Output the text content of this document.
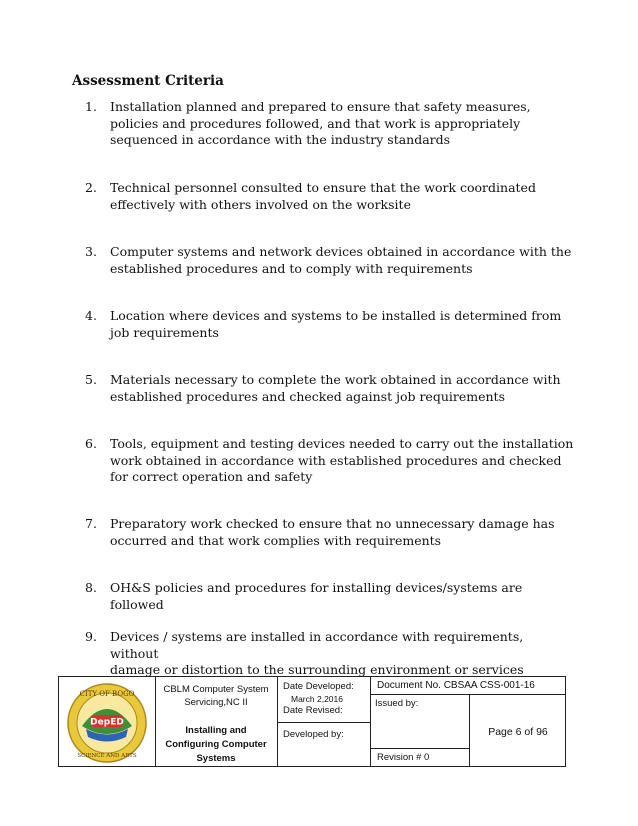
Assessment Criteria
1. Installation planned and prepared to ensure that safety measures,
policies and procedures followed, and that work is appropriately
sequenced in accordance with the industry standards
2. Technical personnel consulted to ensure that the work coordinated
effectively with others involved on the worksite
3. Computer systems and network devices obtained in accordance with the
established procedures and to comply with requirements
4. Location where devices and systems to be installed is determined from
job requirements
5. Materials necessary to complete the work obtained in accordance with
established procedures and checked against job requirements
6. Tools, equipment and testing devices needed to carry out the installation
work obtained in accordance with established procedures and checked
for correct operation and safety
7. Preparatory work checked to ensure that no unnecessary damage has
occurred and that work complies with requirements
8. OH&S policies and procedures for installing devices/systems are followed
9. Devices / systems are installed in accordance with requirements, without
damage or distortion to the surrounding environment or services
DepED
CITY OF BOGO
SCIENCE AND ARTS
CBLM Computer System
Servicing,NC II
Installing and
Configuring Computer
Systems
Date Developed:
March 2,2016
Date Revised:
Developed by:
Document No. CBSAA CSS-001-16
Issued by:
Page 6 of 96
Revision # 0
